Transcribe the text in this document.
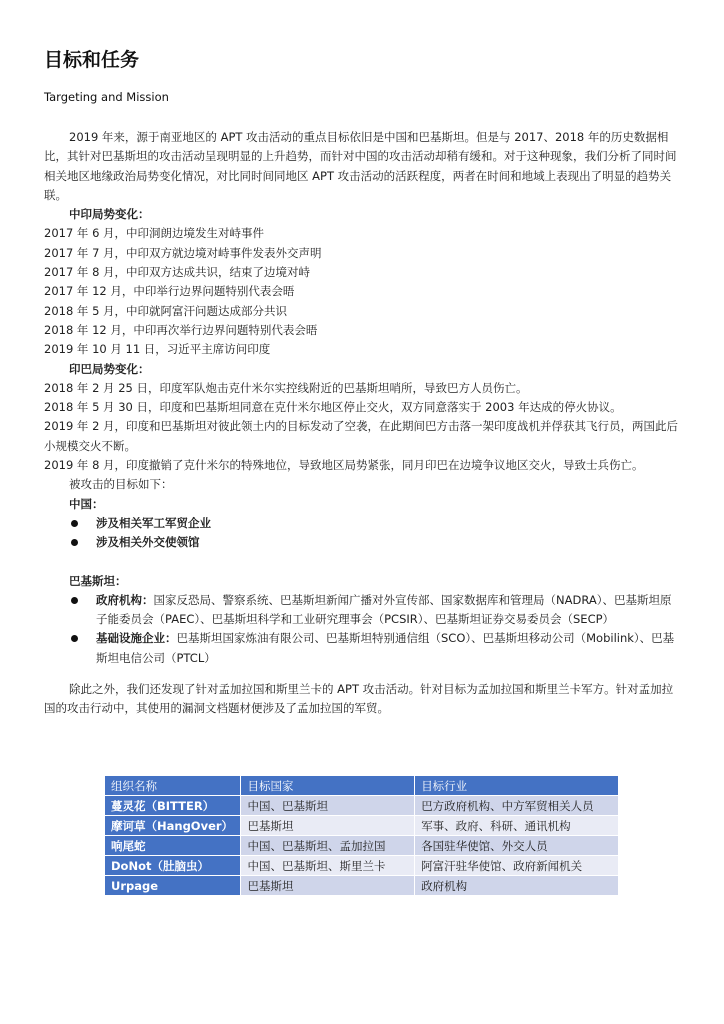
目标和任务

Targeting and Mission

2019 年来，源于南亚地区的 APT 攻击活动的重点目标依旧是中国和巴基斯坦。但是与 2017、2018 年的历史数据相比，其针对巴基斯坦的攻击活动呈现明显的上升趋势，而针对中国的攻击活动却稍有缓和。对于这种现象，我们分析了同时间相关地区地缘政治局势变化情况，对比同时间同地区 APT 攻击活动的活跃程度，两者在时间和地域上表现出了明显的趋势关联。

中印局势变化：

2017 年 6 月，中印洞朗边境发生对峙事件

2017 年 7 月，中印双方就边境对峙事件发表外交声明

2017 年 8 月，中印双方达成共识，结束了边境对峙

2017 年 12 月，中印举行边界问题特别代表会晤

2018 年 5 月，中印就阿富汗问题达成部分共识

2018 年 12 月，中印再次举行边界问题特别代表会晤

2019 年 10 月 11 日，习近平主席访问印度

印巴局势变化：

2018 年 2 月 25 日，印度军队炮击克什米尔实控线附近的巴基斯坦哨所，导致巴方人员伤亡。

2018 年 5 月 30 日，印度和巴基斯坦同意在克什米尔地区停止交火，双方同意落实于 2003 年达成的停火协议。

2019 年 2 月，印度和巴基斯坦对彼此领土内的目标发动了空袭，在此期间巴方击落一架印度战机并俘获其飞行员，两国此后小规模交火不断。

2019 年 8 月，印度撤销了克什米尔的特殊地位，导致地区局势紧张，同月印巴在边境争议地区交火，导致士兵伤亡。

被攻击的目标如下：

中国：

涉及相关军工军贸企业
涉及相关外交使领馆

巴基斯坦：

政府机构：国家反恐局、警察系统、巴基斯坦新闻广播对外宣传部、国家数据库和管理局（NADRA）、巴基斯坦原子能委员会（PAEC）、巴基斯坦科学和工业研究理事会（PCSIR）、巴基斯坦证券交易委员会（SECP）
基础设施企业：巴基斯坦国家炼油有限公司、巴基斯坦特别通信组（SCO）、巴基斯坦移动公司（Mobilink）、巴基斯坦电信公司（PTCL）

除此之外，我们还发现了针对孟加拉国和斯里兰卡的 APT 攻击活动。针对目标为孟加拉国和斯里兰卡军方。针对孟加拉国的攻击行动中，其使用的漏洞文档题材便涉及了孟加拉国的军贸。

组织名称	目标国家	目标行业
蔓灵花（BITTER）	中国、巴基斯坦	巴方政府机构、中方军贸相关人员
摩诃草（HangOver）	巴基斯坦	军事、政府、科研、通讯机构
响尾蛇	中国、巴基斯坦、孟加拉国	各国驻华使馆、外交人员
DoNot（肚脑虫）	中国、巴基斯坦、斯里兰卡	阿富汗驻华使馆、政府新闻机关
Urpage	巴基斯坦	政府机构
